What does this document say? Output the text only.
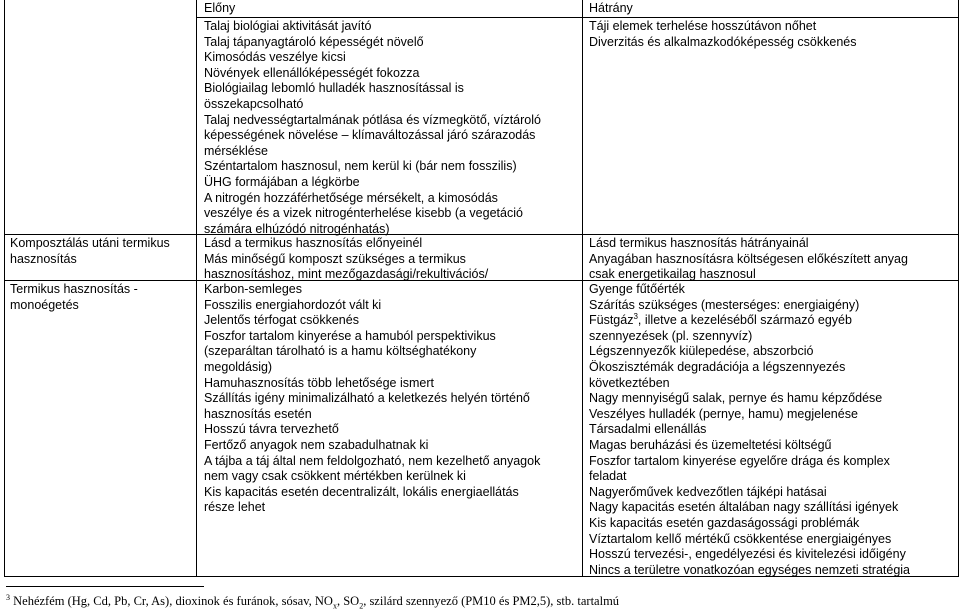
Előny	Hátrány
Talaj biológiai aktivitását javító
Talaj tápanyagtároló képességét növelő
Kimosódás veszélye kicsi
Növények ellenállóképességét fokozza
Biológiailag lebomló hulladék hasznosítással is
összekapcsolható
Talaj nedvességtartalmának pótlása és vízmegkötő, víztároló
képességének növelése – klímaváltozással járó szárazodás
mérséklése
Széntartalom hasznosul, nem kerül ki (bár nem fosszilis)
ÜHG formájában a légkörbe
A nitrogén hozzáférhetősége mérsékelt, a kimosódás
veszélye és a vizek nitrogénterhelése kisebb (a vegetáció
számára elhúzódó nitrogénhatás)
Táji elemek terhelése hosszútávon nőhet
Diverzitás és alkalmazkodóképesség csökkenés
Komposztálás utáni termikus
hasznosítás
Lásd a termikus hasznosítás előnyeinél
Más minőségű komposzt szükséges a termikus
hasznosításhoz, mint mezőgazdasági/rekultivációs/
Lásd termikus hasznosítás hátrányainál
Anyagában hasznosításra költségesen előkészített anyag
csak energetikailag hasznosul
Termikus hasznosítás -
monoégetés
Karbon-semleges
Fosszilis energiahordozót vált ki
Jelentős térfogat csökkenés
Foszfor tartalom kinyerése a hamuból perspektivikus
(szeparáltan tárolható is a hamu költséghatékony
megoldásig)
Hamuhasznosítás több lehetősége ismert
Szállítás igény minimalizálható a keletkezés helyén történő
hasznosítás esetén
Hosszú távra tervezhető
Fertőző anyagok nem szabadulhatnak ki
A tájba a táj által nem feldolgozható, nem kezelhető anyagok
nem vagy csak csökkent mértékben kerülnek ki
Kis kapacitás esetén decentralizált, lokális energiaellátás
része lehet
Gyenge fűtőérték
Szárítás szükséges (mesterséges: energiaigény)
Füstgáz$^3$, illetve a kezeléséből származó egyéb
szennyezések (pl. szennyvíz)
Légszennyezők kiülepedése, abszorbció
Ökoszisztémák degradációja a légszennyezés
következtében
Nagy mennyiségű salak, pernye és hamu képződése
Veszélyes hulladék (pernye, hamu) megjelenése
Társadalmi ellenállás
Magas beruházási és üzemeltetési költségű
Foszfor tartalom kinyerése egyelőre drága és komplex
feladat
Nagyerőművek kedvezőtlen tájképi hatásai
Nagy kapacitás esetén általában nagy szállítási igények
Kis kapacitás esetén gazdaságossági problémák
Víztartalom kellő mértékű csökkentése energiaigényes
Hosszú tervezési-, engedélyezési és kivitelezési időigény
Nincs a területre vonatkozóan egységes nemzeti stratégia
$^3$ Nehézfém (Hg, Cd, Pb, Cr, As), dioxinok és furánok, sósav, $NO_x$, $SO_2$, szilárd szennyező (PM10 és PM2,5), stb. tartalmú
